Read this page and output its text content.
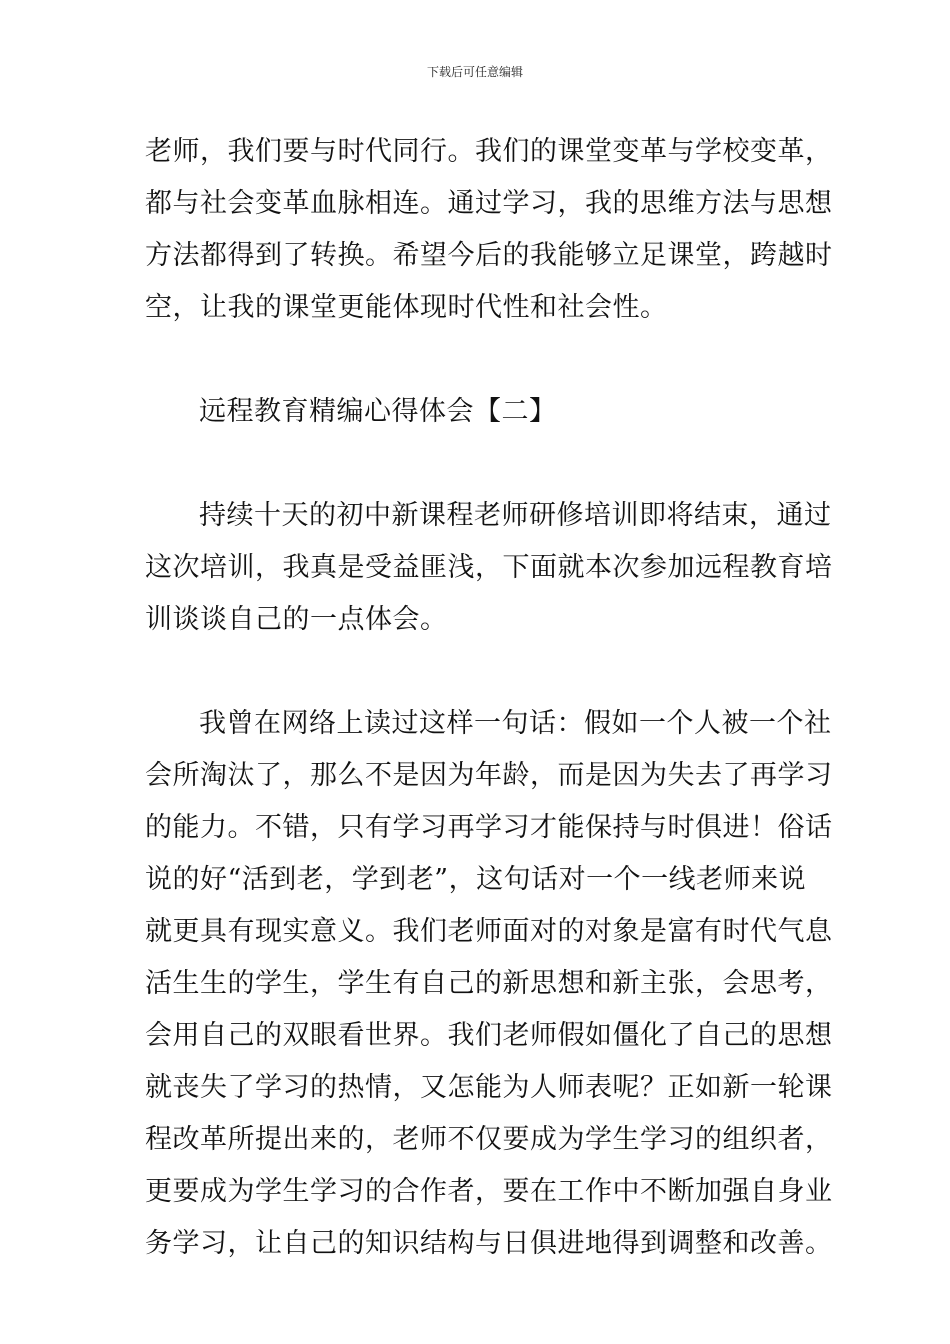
下载后可任意编辑
老师，我们要与时代同行。我们的课堂变革与学校变革，
都与社会变革血脉相连。通过学习，我的思维方法与思想
方法都得到了转换。希望今后的我能够立足课堂，跨越时
空，让我的课堂更能体现时代性和社会性。
远程教育精编心得体会【二】
持续十天的初中新课程老师研修培训即将结束，通过
这次培训，我真是受益匪浅，下面就本次参加远程教育培
训谈谈自己的一点体会。
我曾在网络上读过这样一句话：假如一个人被一个社
会所淘汰了，那么不是因为年龄，而是因为失去了再学习
的能力。不错，只有学习再学习才能保持与时俱进！俗话
说的好“活到老，学到老”，这句话对一个一线老师来说
就更具有现实意义。我们老师面对的对象是富有时代气息
活生生的学生，学生有自己的新思想和新主张，会思考，
会用自己的双眼看世界。我们老师假如僵化了自己的思想
就丧失了学习的热情，又怎能为人师表呢？正如新一轮课
程改革所提出来的，老师不仅要成为学生学习的组织者，
更要成为学生学习的合作者，要在工作中不断加强自身业
务学习，让自己的知识结构与日俱进地得到调整和改善。
